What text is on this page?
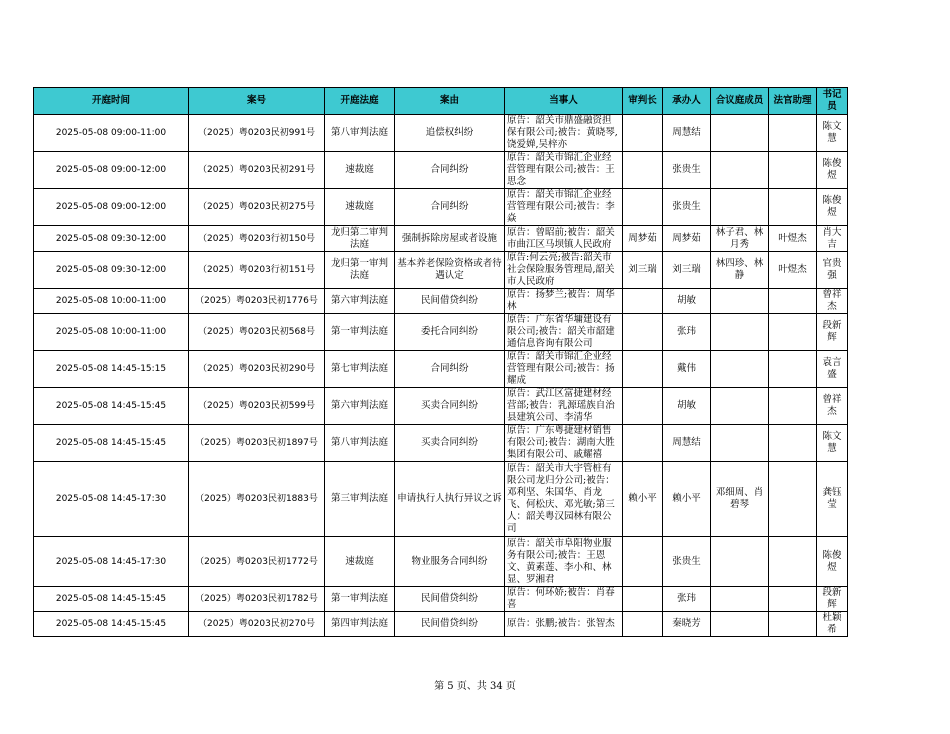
开庭时间	案号	开庭法庭	案由	当事人	审判长	承办人	合议庭成员	法官助理	书记员
2025-05-08 09:00-11:00	（2025）粤0203民初991号	第八审判法庭	追偿权纠纷	原告：韶关市鼎盛融资担保有限公司;被告：黄晓琴,饶爱婵,吴梓亦		周慧结			陈文慧
2025-05-08 09:00-12:00	（2025）粤0203民初291号	速裁庭	合同纠纷	原告：韶关市锦汇企业经营管理有限公司;被告：王思念		张贵生			陈俊煜
2025-05-08 09:00-12:00	（2025）粤0203民初275号	速裁庭	合同纠纷	原告：韶关市锦汇企业经营管理有限公司;被告：李焱		张贵生			陈俊煜
2025-05-08 09:30-12:00	（2025）粤0203行初150号	龙归第二审判法庭	强制拆除房屋或者设施	原告：曾昭前;被告：韶关市曲江区马坝镇人民政府	周梦茹	周梦茹	林子君、林月秀	叶煜杰	肖大吉
2025-05-08 09:30-12:00	（2025）粤0203行初151号	龙归第一审判法庭	基本养老保险资格或者待遇认定	原告:何云亮;被告:韶关市社会保险服务管理局,韶关市人民政府	刘三瑞	刘三瑞	林四珍、林静	叶煜杰	官贵强
2025-05-08 10:00-11:00	（2025）粤0203民初1776号	第六审判法庭	民间借贷纠纷	原告：扬梦兰;被告：周华林		胡敏			曾祥杰
2025-05-08 10:00-11:00	（2025）粤0203民初568号	第一审判法庭	委托合同纠纷	原告：广东省华墉建设有限公司;被告：韶关市韶建通信息咨询有限公司		张玮			段新辉
2025-05-08 14:45-15:15	（2025）粤0203民初290号	第七审判法庭	合同纠纷	原告：韶关市锦汇企业经营管理有限公司;被告：扬耀成		戴伟			袁言盛
2025-05-08 14:45-15:45	（2025）粤0203民初599号	第六审判法庭	买卖合同纠纷	原告：武江区富捷建材经营部;被告：乳源瑶族自治县建筑公司、李清华		胡敏			曾祥杰
2025-05-08 14:45-15:45	（2025）粤0203民初1897号	第八审判法庭	买卖合同纠纷	原告：广东粤捷建材销售有限公司;被告：湖南大胜集团有限公司、戚耀禧		周慧结			陈文慧
2025-05-08 14:45-17:30	（2025）粤0203民初1883号	第三审判法庭	申请执行人执行异议之诉	原告：韶关市大宇管桩有限公司龙归分公司;被告：邓利坚、朱国华、肖龙飞、何松庆、邓光敏;第三人：韶关粤汉园林有限公司	赖小平	赖小平	邓细周、肖碧琴		龚钰莹
2025-05-08 14:45-17:30	（2025）粤0203民初1772号	速裁庭	物业服务合同纠纷	原告：韶关市阜阳物业服务有限公司;被告：王恩文、黄素莲、李小和、林显、罗湘君		张贵生			陈俊煜
2025-05-08 14:45-15:45	（2025）粤0203民初1782号	第一审判法庭	民间借贷纠纷	原告：何环娇;被告：肖春喜		张玮			段新辉
2025-05-08 14:45-15:45	（2025）粤0203民初270号	第四审判法庭	民间借贷纠纷	原告：张鹏;被告：张智杰		秦晓芳			杜颖希
第 5 页、共 34 页
